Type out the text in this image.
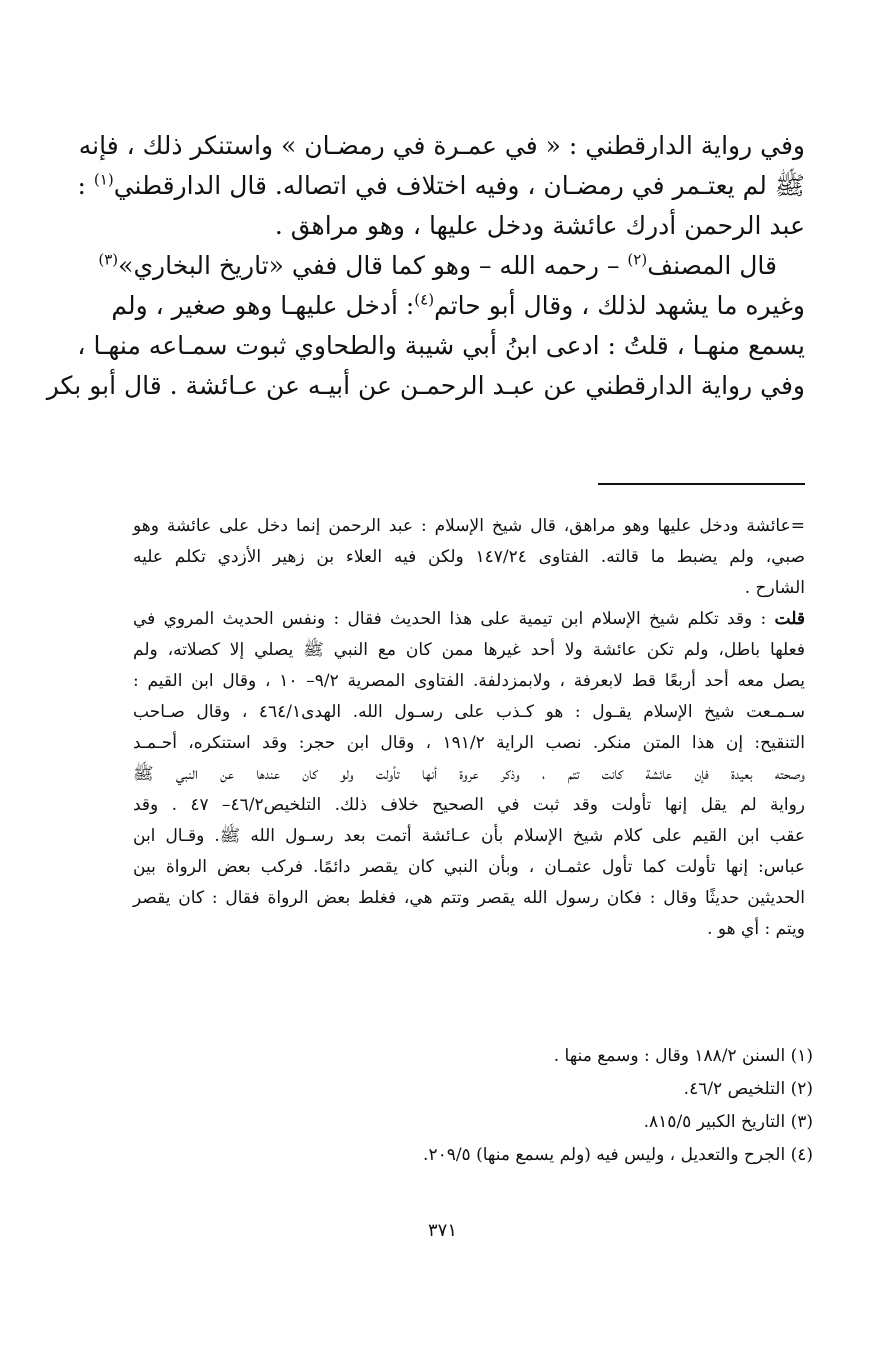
وفي رواية الدارقطني : « في عمـرة في رمضـان » واستنكر ذلك ، فإنه
ﷺ لم يعتـمر في رمضـان ، وفيه اختلاف في اتصاله. قال الدارقطني$^{(١)}$ :
عبد الرحمن أدرك عائشة ودخل عليها ، وهو مراهق .
قال المصنف$^{(٢)}$ – رحمه الله – وهو كما قال ففي «تاريخ البخاري»$^{(٣)}$
وغيره ما يشهد لذلك ، وقال أبو حاتم$^{(٤)}$: أدخل عليهـا وهو صغير ، ولم
يسمع منهـا ، قلتُ : ادعى ابنُ أبي شيبة والطحاوي ثبوت سمـاعه منهـا ،
وفي رواية الدارقطني عن عبـد الرحمـن عن أبيـه عن عـائشة . قال أبو بكر
=عائشة ودخل عليها وهو مراهق، قال شيخ الإسلام : عبد الرحمن إنما دخل على عائشة وهو
صبي، ولم يضبط ما قالته. الفتاوى ١٤٧/٢٤ ولكن فيه العلاء بن زهير الأزدي تكلم عليه
الشارح .
قلت : وقد تكلم شيخ الإسلام ابن تيمية على هذا الحديث فقال : ونفس الحديث المروي في
فعلها باطل، ولم تكن عائشة ولا أحد غيرها ممن كان مع النبي ﷺ يصلي إلا كصلاته، ولم
يصل معه أحد أربعًا قط لابعرفة ، ولابمزدلفة. الفتاوى المصرية ٩/٢– ١٠ ، وقال ابن القيم :
سـمـعت شيخ الإسلام يقـول : هو كـذب على رسـول الله. الهدى٤٦٤/١ ، وقال صـاحب
التنقيح: إن هذا المتن منكر. نصب الراية ١٩١/٢ ، وقال ابن حجر: وقد استنكره، أحـمـد
وصحته بعيدة فإن عائشة كانت تتم ، وذكر عروة أنها تأولت ولو كان عندها عن النبي ﷺ
رواية لم يقل إنها تأولت وقد ثبت في الصحيح خلاف ذلك. التلخيص٤٦/٢– ٤٧ . وقد
عقب ابن القيم على كلام شيخ الإسلام بأن عـائشة أتمت بعد رسـول الله ﷺ. وقـال ابن
عباس: إنها تأولت كما تأول عثمـان ، وبأن النبي كان يقصر دائمًا. فركب بعض الرواة بين
الحديثين حديثًا وقال : فكان رسول الله يقصر وتتم هي، فغلط بعض الرواة فقال : كان يقصر
ويتم : أي هو .
(١) السنن ١٨٨/٢ وقال : وسمع منها .
(٢) التلخيص ٤٦/٢.
(٣) التاريخ الكبير ٨١٥/٥.
(٤) الجرح والتعديل ، وليس فيه (ولم يسمع منها) ٢٠٩/٥.
٣٧١
